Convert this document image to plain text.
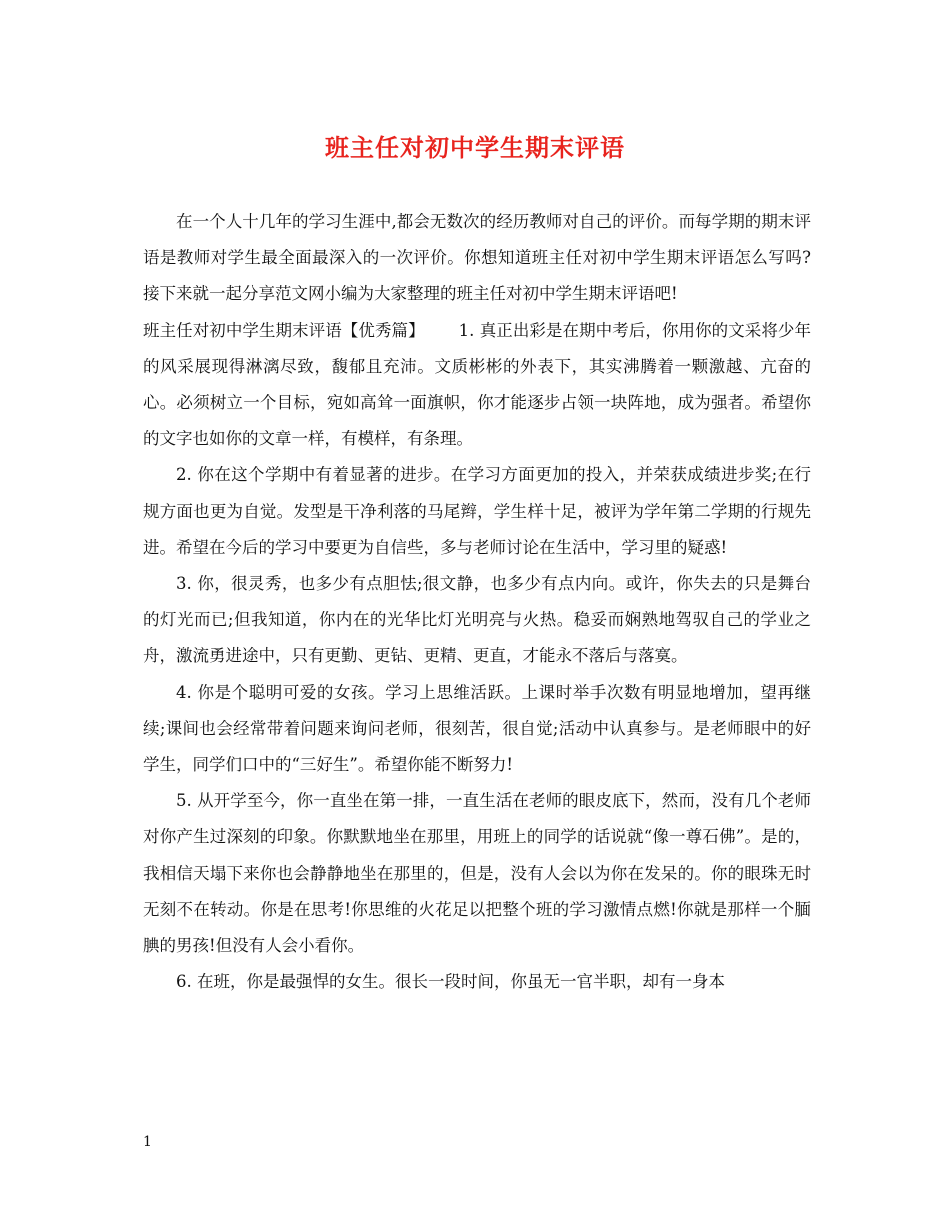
班主任对初中学生期末评语

在一个人十几年的学习生涯中,都会无数次的经历教师对自己的评价。而每学期的期末评语是教师对学生最全面最深入的一次评价。你想知道班主任对初中学生期末评语怎么写吗?接下来就一起分享范文网小编为大家整理的班主任对初中学生期末评语吧!

班主任对初中学生期末评语【优秀篇】 1. 真正出彩是在期中考后，你用你的文采将少年的风采展现得淋漓尽致，馥郁且充沛。文质彬彬的外表下，其实沸腾着一颗激越、亢奋的心。必须树立一个目标，宛如高耸一面旗帜，你才能逐步占领一块阵地，成为强者。希望你的文字也如你的文章一样，有模样，有条理。

2. 你在这个学期中有着显著的进步。在学习方面更加的投入，并荣获成绩进步奖;在行规方面也更为自觉。发型是干净利落的马尾辫，学生样十足，被评为学年第二学期的行规先进。希望在今后的学习中要更为自信些，多与老师讨论在生活中，学习里的疑惑!

3. 你，很灵秀，也多少有点胆怯;很文静，也多少有点内向。或许，你失去的只是舞台的灯光而已;但我知道，你内在的光华比灯光明亮与火热。稳妥而娴熟地驾驭自己的学业之舟，激流勇进途中，只有更勤、更钻、更精、更直，才能永不落后与落寞。

4. 你是个聪明可爱的女孩。学习上思维活跃。上课时举手次数有明显地增加，望再继续;课间也会经常带着问题来询问老师，很刻苦，很自觉;活动中认真参与。是老师眼中的好学生，同学们口中的“三好生”。希望你能不断努力!

5. 从开学至今，你一直坐在第一排，一直生活在老师的眼皮底下，然而，没有几个老师对你产生过深刻的印象。你默默地坐在那里，用班上的同学的话说就“像一尊石佛”。是的，我相信天塌下来你也会静静地坐在那里的，但是，没有人会以为你在发呆的。你的眼珠无时无刻不在转动。你是在思考!你思维的火花足以把整个班的学习激情点燃!你就是那样一个腼腆的男孩!但没有人会小看你。

6. 在班，你是最强悍的女生。很长一段时间，你虽无一官半职，却有一身本

1
